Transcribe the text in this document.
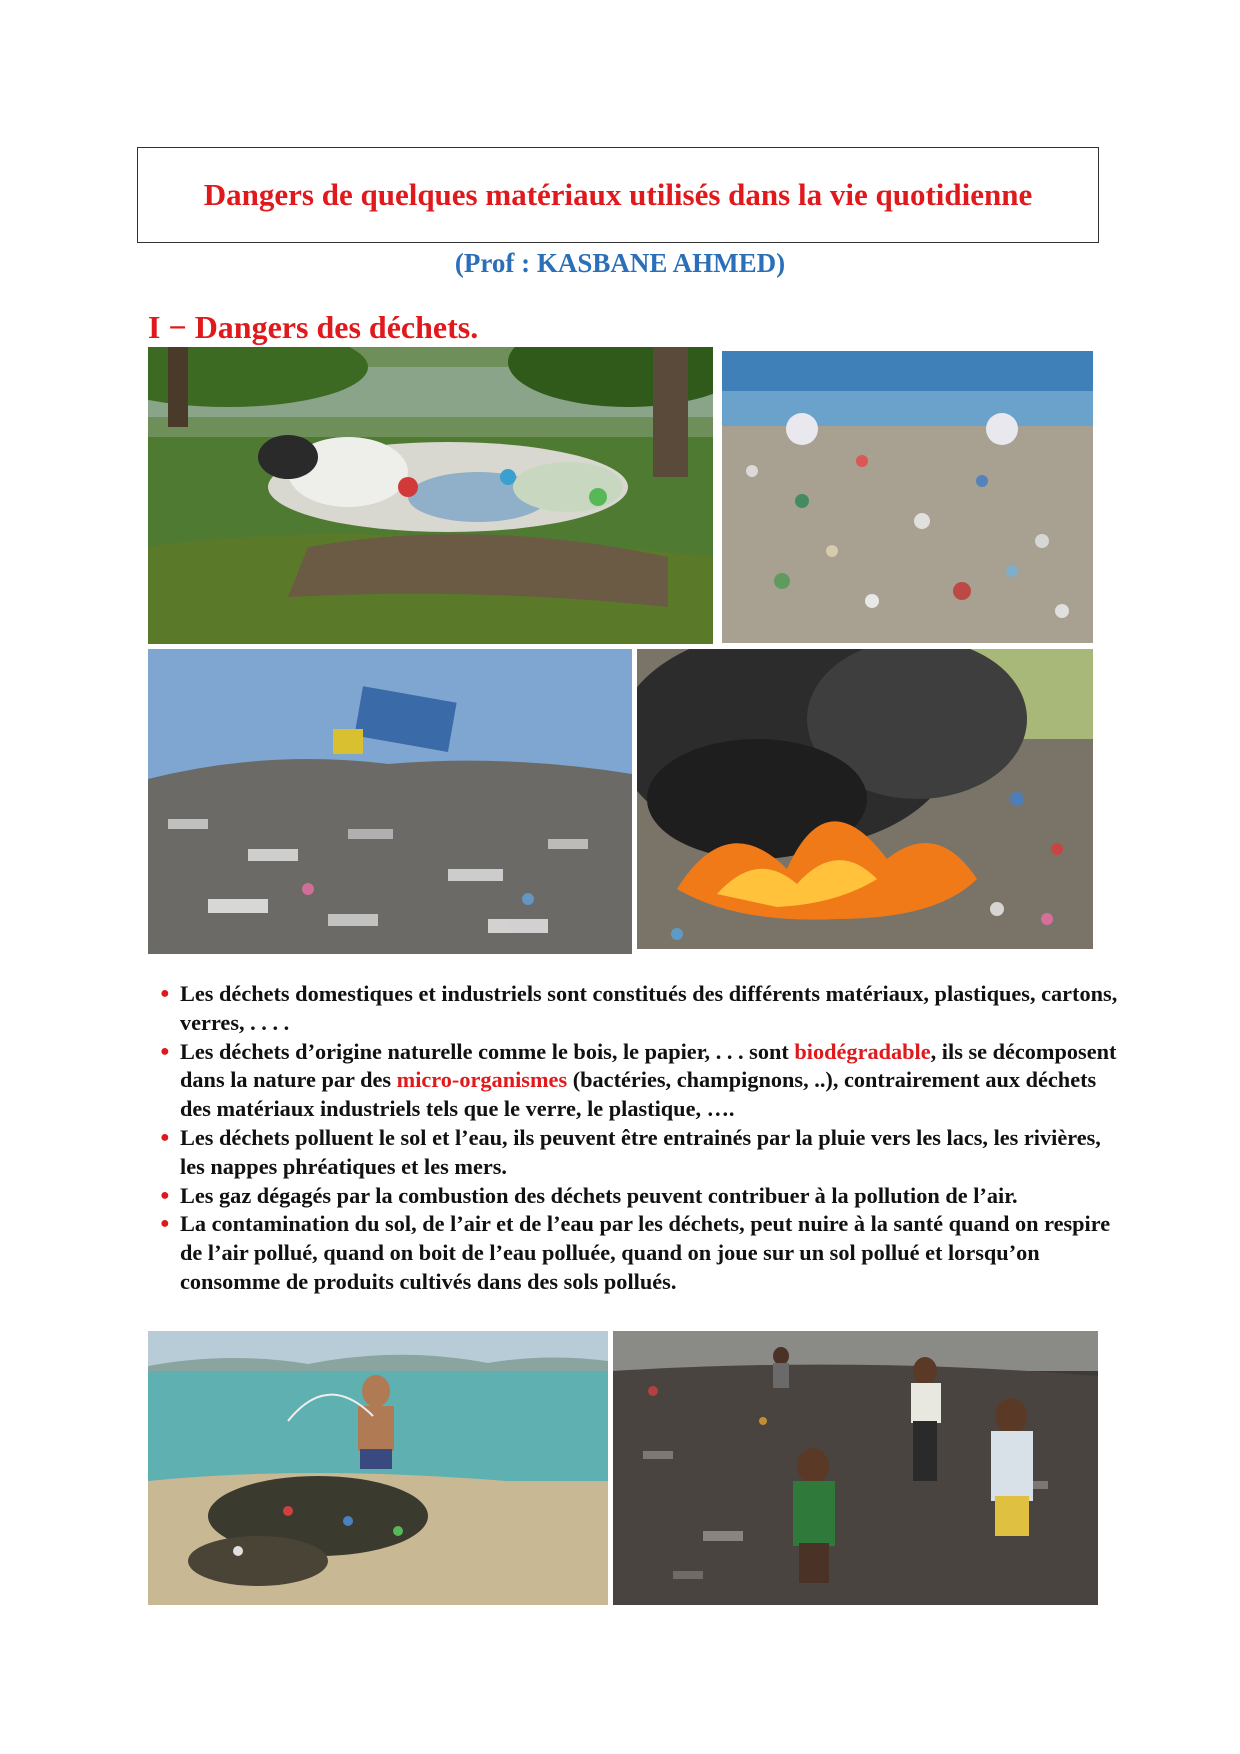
Dangers de quelques matériaux utilisés dans la vie quotidienne
(Prof : KASBANE AHMED)
I − Dangers des déchets.
● Les déchets domestiques et industriels sont constitués des différents matériaux, plastiques, cartons, verres, . . . .
● Les déchets d’origine naturelle comme le bois, le papier, . . . sont biodégradable, ils se décomposent dans la nature par des micro-organismes (bactéries, champignons, ..), contrairement aux déchets des matériaux industriels tels que le verre, le plastique, ….
● Les déchets polluent le sol et l’eau, ils peuvent être entrainés par la pluie vers les lacs, les rivières, les nappes phréatiques et les mers.
● Les gaz dégagés par la combustion des déchets peuvent contribuer à la pollution de l’air.
● La contamination du sol, de l’air et de l’eau par les déchets, peut nuire à la santé quand on respire de l’air pollué, quand on boit de l’eau polluée, quand on joue sur un sol pollué et lorsqu’on consomme de produits cultivés dans des sols pollués.
